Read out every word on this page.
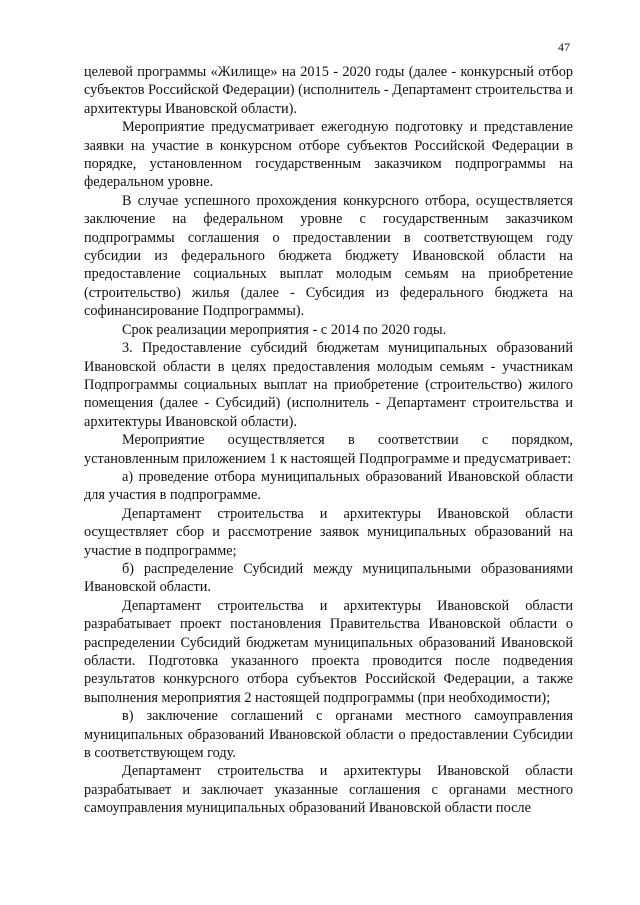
47

целевой программы «Жилище» на 2015 - 2020 годы (далее - конкурсный отбор субъектов Российской Федерации) (исполнитель - Департамент строительства и архитектуры Ивановской области).

Мероприятие предусматривает ежегодную подготовку и представление заявки на участие в конкурсном отборе субъектов Российской Федерации в порядке, установленном государственным заказчиком подпрограммы на федеральном уровне.

В случае успешного прохождения конкурсного отбора, осуществляется заключение на федеральном уровне с государственным заказчиком подпрограммы соглашения о предоставлении в соответствующем году субсидии из федерального бюджета бюджету Ивановской области на предоставление социальных выплат молодым семьям на приобретение (строительство) жилья (далее - Субсидия из федерального бюджета на софинансирование Подпрограммы).

Срок реализации мероприятия - с 2014 по 2020 годы.

3. Предоставление субсидий бюджетам муниципальных образований Ивановской области в целях предоставления молодым семьям - участникам Подпрограммы социальных выплат на приобретение (строительство) жилого помещения (далее - Субсидий) (исполнитель - Департамент строительства и архитектуры Ивановской области).

Мероприятие осуществляется в соответствии с порядком, установленным приложением 1 к настоящей Подпрограмме и предусматривает:

а) проведение отбора муниципальных образований Ивановской области для участия в подпрограмме.

Департамент строительства и архитектуры Ивановской области осуществляет сбор и рассмотрение заявок муниципальных образований на участие в подпрограмме;

б) распределение Субсидий между муниципальными образованиями Ивановской области.

Департамент строительства и архитектуры Ивановской области разрабатывает проект постановления Правительства Ивановской области о распределении Субсидий бюджетам муниципальных образований Ивановской области. Подготовка указанного проекта проводится после подведения результатов конкурсного отбора субъектов Российской Федерации, а также выполнения мероприятия 2 настоящей подпрограммы (при необходимости);

в) заключение соглашений с органами местного самоуправления муниципальных образований Ивановской области о предоставлении Субсидии в соответствующем году.

Департамент строительства и архитектуры Ивановской области разрабатывает и заключает указанные соглашения с органами местного самоуправления муниципальных образований Ивановской области после
